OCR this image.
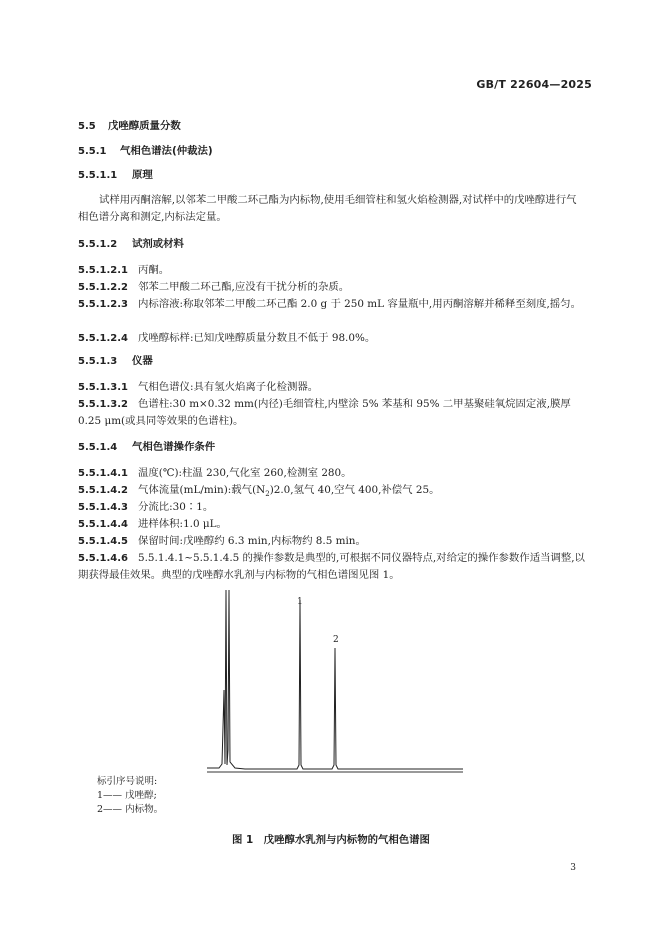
GB/T 22604—2025
5.5 戊唑醇质量分数
5.5.1 气相色谱法(仲裁法)
5.5.1.1 原理
试样用丙酮溶解,以邻苯二甲酸二环己酯为内标物,使用毛细管柱和氢火焰检测器,对试样中的戊唑醇进行气相色谱分离和测定,内标法定量。
5.5.1.2 试剂或材料
5.5.1.2.1 丙酮。
5.5.1.2.2 邻苯二甲酸二环己酯,应没有干扰分析的杂质。
5.5.1.2.3 内标溶液:称取邻苯二甲酸二环己酯 2.0 g 于 250 mL 容量瓶中,用丙酮溶解并稀释至刻度,摇匀。
5.5.1.2.4 戊唑醇标样:已知戊唑醇质量分数且不低于 98.0%。
5.5.1.3 仪器
5.5.1.3.1 气相色谱仪:具有氢火焰离子化检测器。
5.5.1.3.2 色谱柱:30 m×0.32 mm(内径)毛细管柱,内壁涂 5% 苯基和 95% 二甲基聚硅氧烷固定液,膜厚 0.25 μm(或具同等效果的色谱柱)。
5.5.1.4 气相色谱操作条件
5.5.1.4.1 温度(℃):柱温 230,气化室 260,检测室 280。
5.5.1.4.2 气体流量(mL/min):载气$(N_2)2.0$,氢气 40,空气 400,补偿气 25。
5.5.1.4.3 分流比:30∶1。
5.5.1.4.4 进样体积:1.0 μL。
5.5.1.4.5 保留时间:戊唑醇约 6.3 min,内标物约 8.5 min。
5.5.1.4.6 5.5.1.4.1~5.5.1.4.5 的操作参数是典型的,可根据不同仪器特点,对给定的操作参数作适当调整,以期获得最佳效果。典型的戊唑醇水乳剂与内标物的气相色谱图见图 1。
1
2
标引序号说明:
1—— 戊唑醇;
2—— 内标物。
图 1　戊唑醇水乳剂与内标物的气相色谱图
3
